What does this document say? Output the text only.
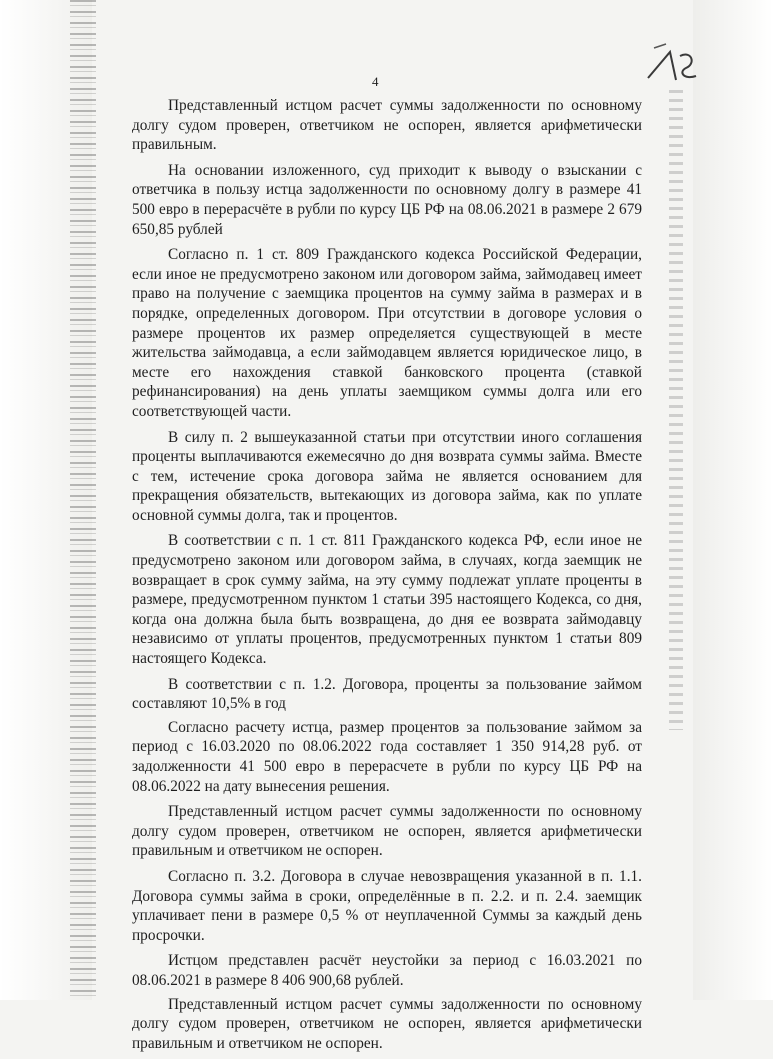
4

Представленный истцом расчет суммы задолженности по основному долгу судом проверен, ответчиком не оспорен, является арифметически правильным.

На основании изложенного, суд приходит к выводу о взыскании с ответчика в пользу истца задолженности по основному долгу в размере 41 500 евро в перерасчёте в рубли по курсу ЦБ РФ на 08.06.2021 в размере 2 679 650,85 рублей

Согласно п. 1 ст. 809 Гражданского кодекса Российской Федерации, если иное не предусмотрено законом или договором займа, займодавец имеет право на получение с заемщика процентов на сумму займа в размерах и в порядке, определенных договором. При отсутствии в договоре условия о размере процентов их размер определяется существующей в месте жительства займодавца, а если займодавцем является юридическое лицо, в месте его нахождения ставкой банковского процента (ставкой рефинансирования) на день уплаты заемщиком суммы долга или его соответствующей части.

В силу п. 2 вышеуказанной статьи при отсутствии иного соглашения проценты выплачиваются ежемесячно до дня возврата суммы займа. Вместе с тем, истечение срока договора займа не является основанием для прекращения обязательств, вытекающих из договора займа, как по уплате основной суммы долга, так и процентов.

В соответствии с п. 1 ст. 811 Гражданского кодекса РФ, если иное не предусмотрено законом или договором займа, в случаях, когда заемщик не возвращает в срок сумму займа, на эту сумму подлежат уплате проценты в размере, предусмотренном пунктом 1 статьи 395 настоящего Кодекса, со дня, когда она должна была быть возвращена, до дня ее возврата займодавцу независимо от уплаты процентов, предусмотренных пунктом 1 статьи 809 настоящего Кодекса.

В соответствии с п. 1.2. Договора, проценты за пользование займом составляют 10,5% в год

Согласно расчету истца, размер процентов за пользование займом за период с 16.03.2020 по 08.06.2022 года составляет 1 350 914,28 руб. от задолженности 41 500 евро в перерасчете в рубли по курсу ЦБ РФ на 08.06.2022 на дату вынесения решения.

Представленный истцом расчет суммы задолженности по основному долгу судом проверен, ответчиком не оспорен, является арифметически правильным и ответчиком не оспорен.

Согласно п. 3.2. Договора в случае невозвращения указанной в п. 1.1. Договора суммы займа в сроки, определённые в п. 2.2. и п. 2.4. заемщик уплачивает пени в размере 0,5 % от неуплаченной Суммы за каждый день просрочки.

Истцом представлен расчёт неустойки за период с 16.03.2021 по 08.06.2021 в размере 8 406 900,68 рублей.

Представленный истцом расчет суммы задолженности по основному долгу судом проверен, ответчиком не оспорен, является арифметически правильным и ответчиком не оспорен.
